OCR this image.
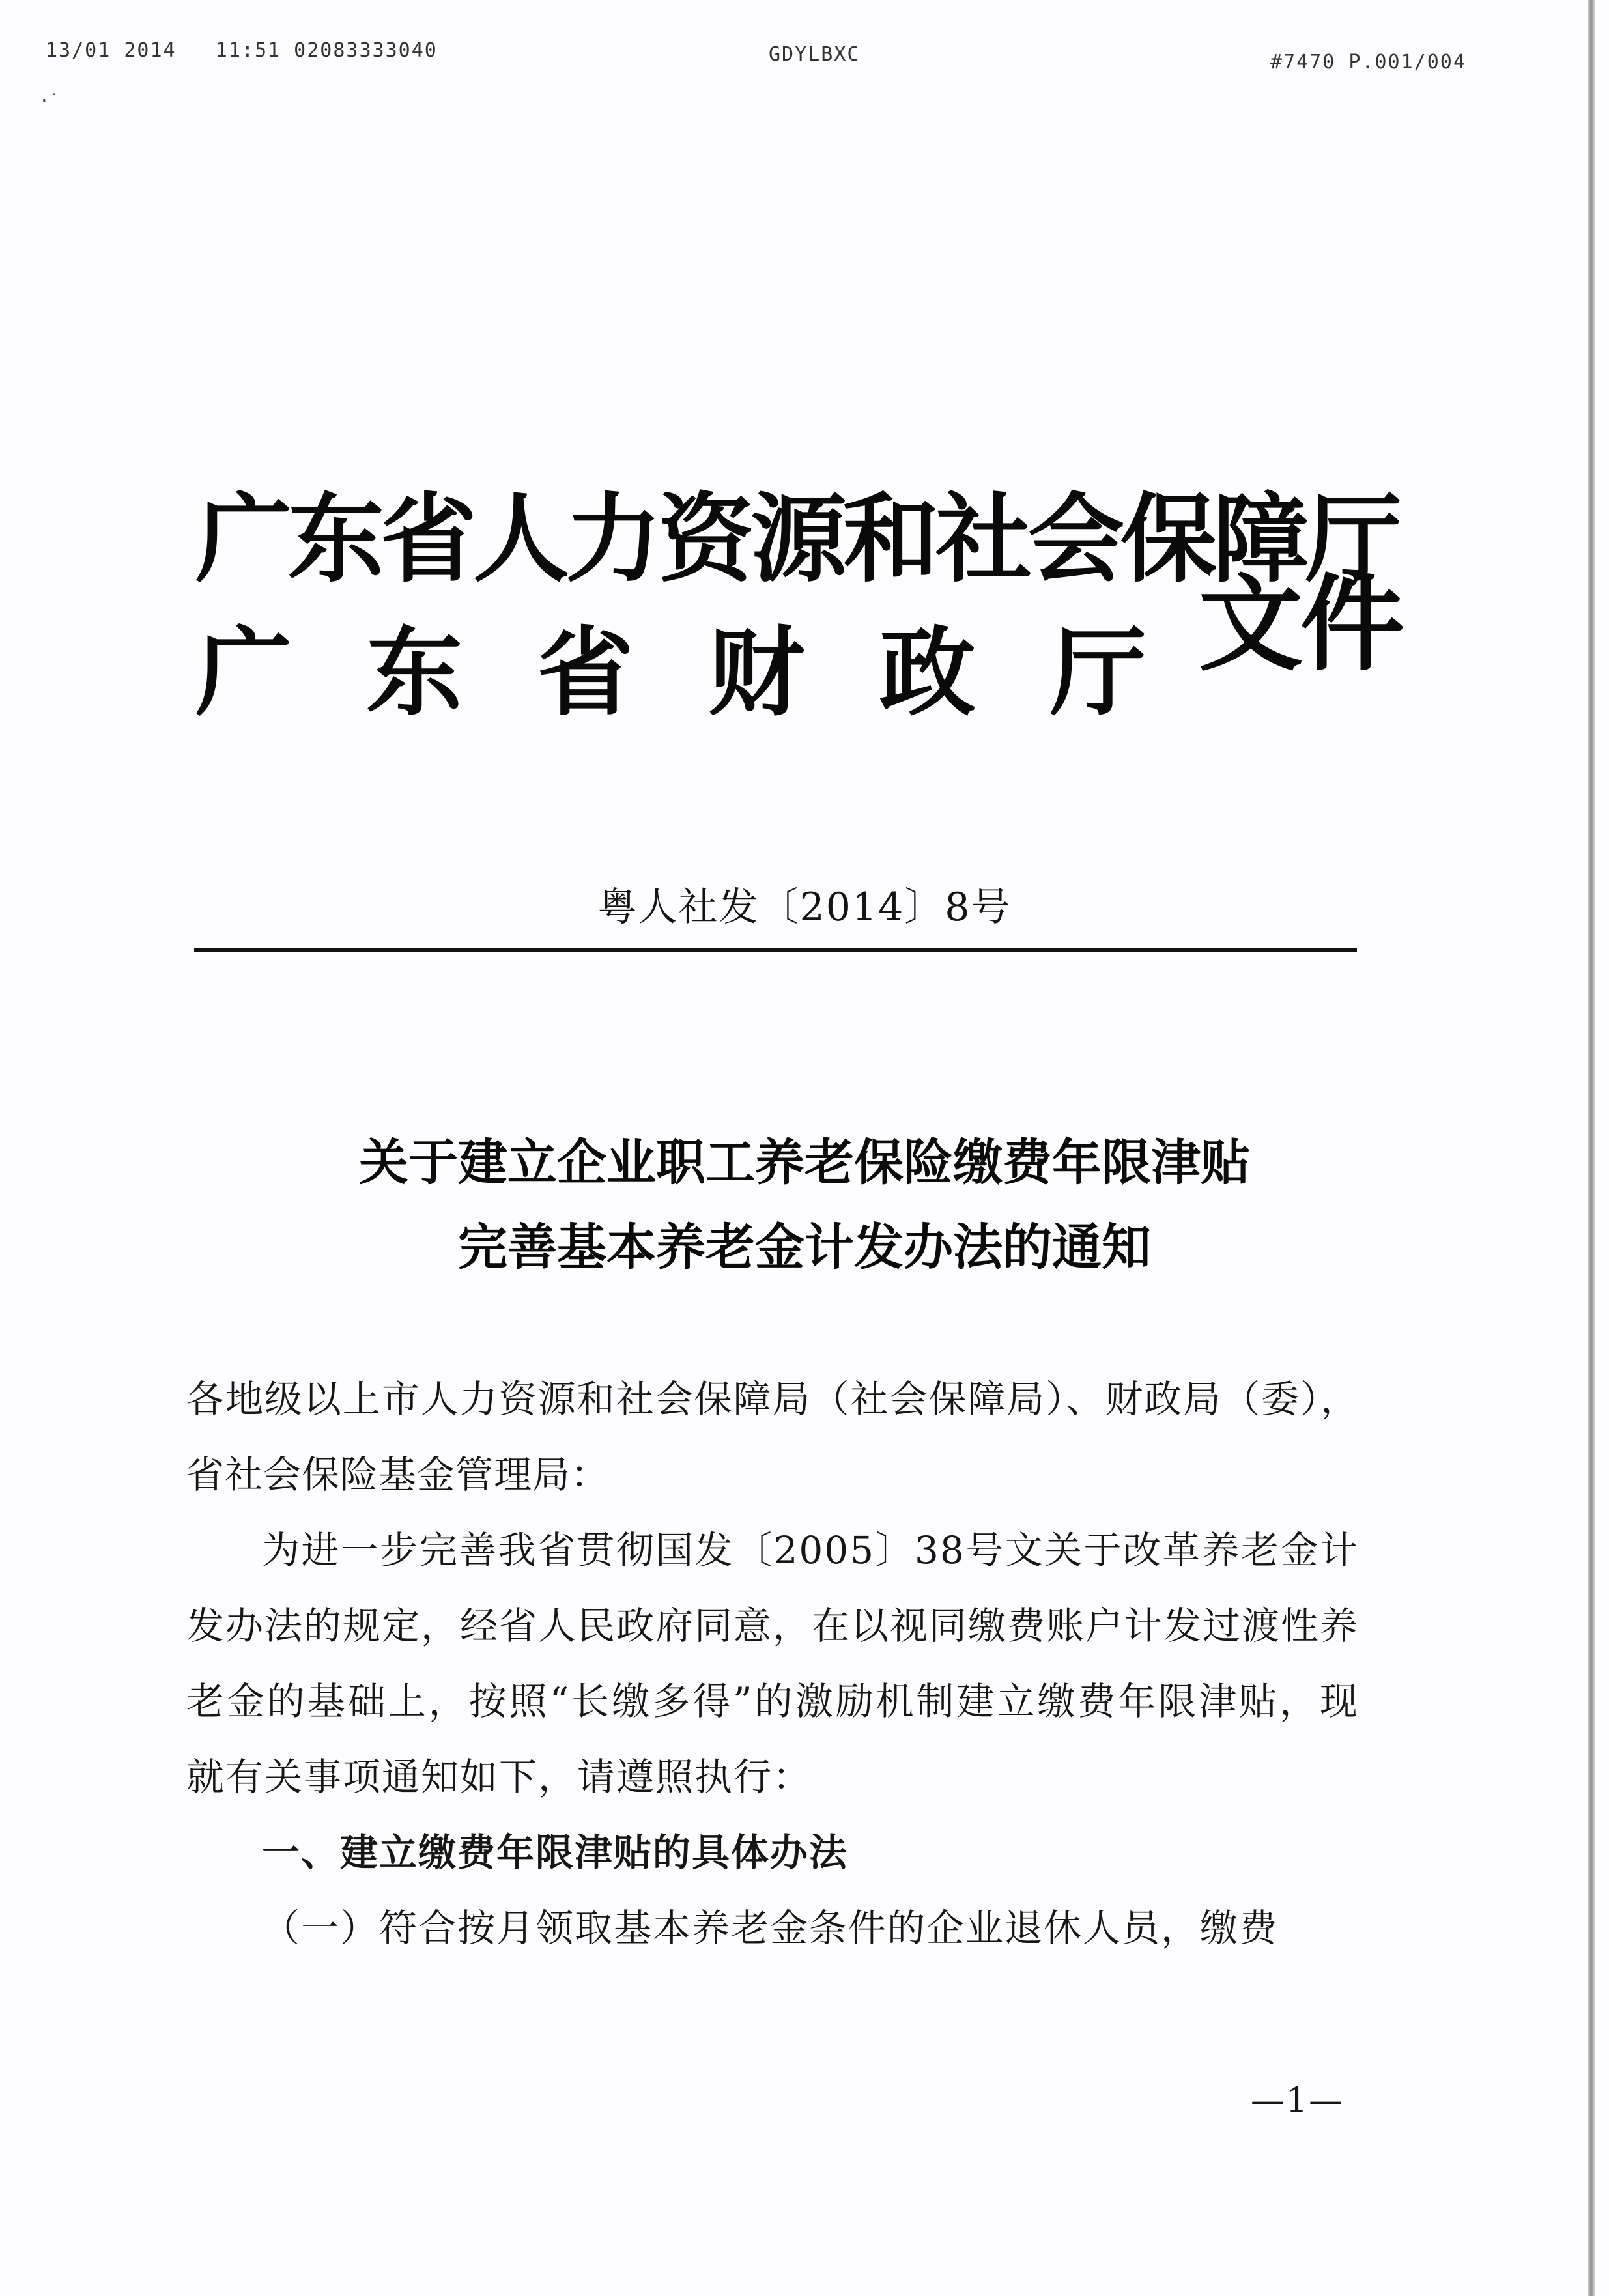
13/01 2014   11:51 02083333040	GDYLBXC	#7470 P.001/004
·˙
广东省人力资源和社会保障厅
广 东 省 财 政 厅 文件
粤人社发〔2014〕8号
关于建立企业职工养老保险缴费年限津贴
完善基本养老金计发办法的通知

各地级以上市人力资源和社会保障局（社会保障局）、财政局（委），省社会保险基金管理局：

为进一步完善我省贯彻国发〔2005〕38号文关于改革养老金计发办法的规定，经省人民政府同意，在以视同缴费账户计发过渡性养老金的基础上，按照“长缴多得”的激励机制建立缴费年限津贴，现就有关事项通知如下，请遵照执行：

一、建立缴费年限津贴的具体办法

（一）符合按月领取基本养老金条件的企业退休人员，缴费

—1—
